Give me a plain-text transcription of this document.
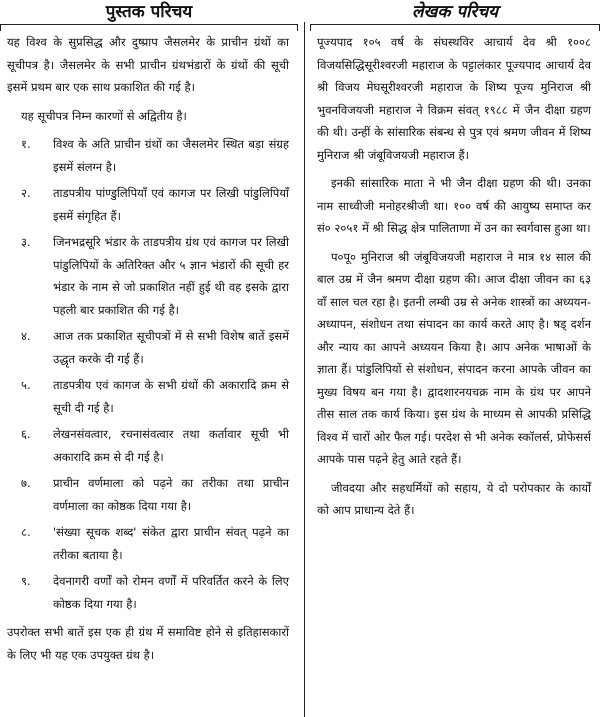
पुस्तक परिचय

यह विश्व के सुप्रसिद्ध और दुष्प्राप जैसलमेर के प्राचीन ग्रंथों का सूचीपत्र है। जैसलमेर के सभी प्राचीन ग्रंथभंडारों के ग्रंथों की सूची इसमें प्रथम बार एक साथ प्रकाशित की गई है।

यह सूचीपत्र निम्न कारणों से अद्वितीय है।

१.	विश्व के अति प्राचीन ग्रंथों का जैसलमेर स्थित बड़ा संग्रह इसमें संलग्न है।
२.	ताडपत्रीय पांण्डुलिपियाँ एवं कागज पर लिखी पांडुलिपियाँ इसमें संगृहित हैं।
३.	जिनभद्रसूरि भंडार के ताडपत्रीय ग्रंथ एवं कागज पर लिखी पांडुलिपियों के अतिरिक्त और ५ ज्ञान भंडारों की सूची हर भंडार के नाम से जो प्रकाशित नहीं हुई थी वह इसके द्वारा पहली बार प्रकाशित की गई है।
४.	आज तक प्रकाशित सूचीपत्रों में से सभी विशेष बातें इसमें उद्धृत करके दी गई हैं।
५.	ताडपत्रीय एवं कागज के सभी ग्रंथों की अकारादि क्रम से सूची दी गई है।
६.	लेखनसंवत्वार, रचनासंवत्वार तथा कर्तावार सूची भी अकारादि क्रम से दी गई है।
७.	प्राचीन वर्णमाला को पढ़ने का तरीका तथा प्राचीन वर्णमाला का कोष्ठक दिया गया है।
८.	'संख्या सूचक शब्द' संकेत द्वारा प्राचीन संवत् पढ़ने का तरीका बताया है।
९.	देवनागरी वर्णों को रोमन वर्णों में परिवर्तित करने के लिए कोष्ठक दिया गया है।

उपरोक्त सभी बातें इस एक ही ग्रंथ में समाविष्ट होने से इतिहासकारों के लिए भी यह एक उपयुक्त ग्रंथ है।

लेखक परिचय

पूज्यपाद १०५ वर्ष के संघस्थविर आचार्य देव श्री १००८ विजयसिद्धिसूरीश्वरजी महाराज के पट्टालंकार पूज्यपाद आचार्य देव श्री विजय मेघसूरीश्वरजी महाराज के शिष्य पूज्य मुनिराज श्री भुवनविजयजी महाराज ने विक्रम संवत् १९८८ में जैन दीक्षा ग्रहण की थी। उन्हीं के सांसारिक संबन्ध से पुत्र एवं श्रमण जीवन में शिष्य मुनिराज श्री जंबूविजयजी महाराज हैं।

इनकी सांसारिक माता ने भी जैन दीक्षा ग्रहण की थी। उनका नाम साध्वीजी मनोहरश्रीजी था। १०० वर्ष की आयुष्य समाप्त कर सं० २०५१ में श्री सिद्ध क्षेत्र पालिताणा में उन का स्वर्गवास हुआ था।

प०पू० मुनिराज श्री जंबूविजयजी महाराज ने मात्र १४ साल की बाल उम्र में जैन श्रमण दीक्षा ग्रहण की। आज दीक्षा जीवन का ६३ वाँ साल चल रहा है। इतनी लम्बी उम्र से अनेक शास्त्रों का अध्ययन-अध्यापन, संशोधन तथा संपादन का कार्य करते आए है। षड् दर्शन और न्याय का आपने अध्ययन किया है। आप अनेक भाषाओं के ज्ञाता हैं। पांडुलिपियों से संशोधन, संपादन करना आपके जीवन का मुख्य विषय बन गया है। द्वादशारनयचक्र नाम के ग्रंथ पर आपने तीस साल तक कार्य किया। इस ग्रंथ के माध्यम से आपकी प्रसिद्धि विश्व में चारों ओर फैल गई। परदेश से भी अनेक स्कॉलर्स, प्रोफेसर्स आपके पास पढ़ने हेतु आते रहते हैं।

जीवदया और सहधर्मियों को सहाय, ये दो परोपकार के कार्यों को आप प्राधान्य देते हैं।
